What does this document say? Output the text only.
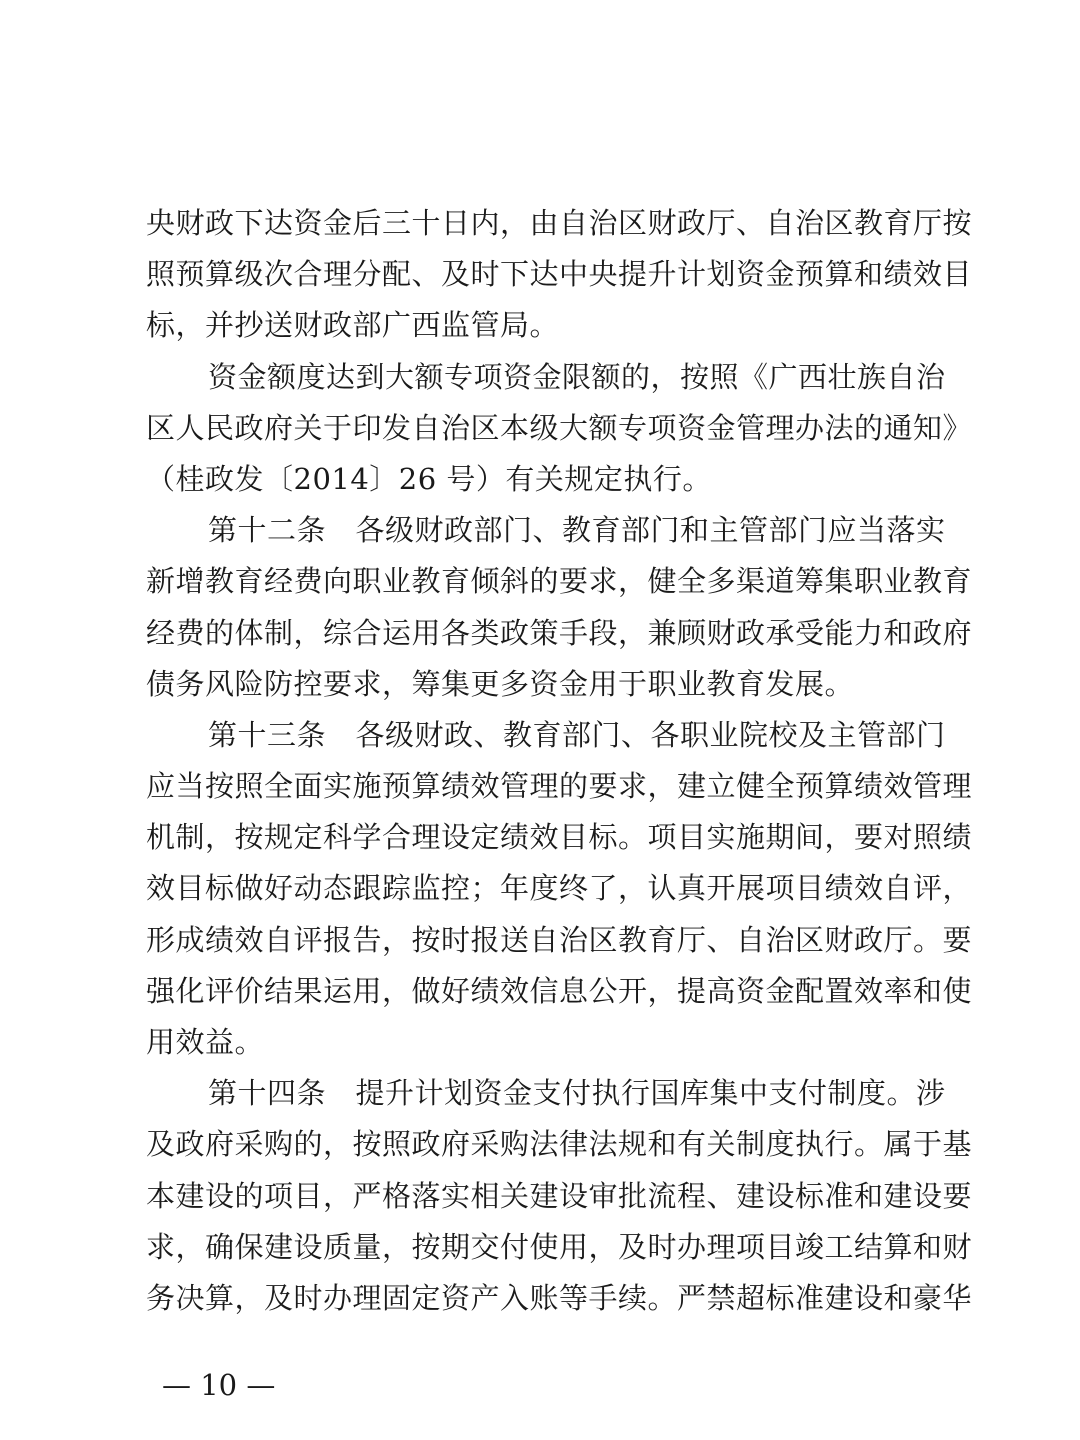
央财政下达资金后三十日内，由自治区财政厅、自治区教育厅按
照预算级次合理分配、及时下达中央提升计划资金预算和绩效目
标，并抄送财政部广西监管局。
资金额度达到大额专项资金限额的，按照《广西壮族自治
区人民政府关于印发自治区本级大额专项资金管理办法的通知》
（桂政发〔2014〕26 号）有关规定执行。
第十二条　各级财政部门、教育部门和主管部门应当落实
新增教育经费向职业教育倾斜的要求，健全多渠道筹集职业教育
经费的体制，综合运用各类政策手段，兼顾财政承受能力和政府
债务风险防控要求，筹集更多资金用于职业教育发展。
第十三条　各级财政、教育部门、各职业院校及主管部门
应当按照全面实施预算绩效管理的要求，建立健全预算绩效管理
机制，按规定科学合理设定绩效目标。项目实施期间，要对照绩
效目标做好动态跟踪监控；年度终了，认真开展项目绩效自评，
形成绩效自评报告，按时报送自治区教育厅、自治区财政厅。要
强化评价结果运用，做好绩效信息公开，提高资金配置效率和使
用效益。
第十四条　提升计划资金支付执行国库集中支付制度。涉
及政府采购的，按照政府采购法律法规和有关制度执行。属于基
本建设的项目，严格落实相关建设审批流程、建设标准和建设要
求，确保建设质量，按期交付使用，及时办理项目竣工结算和财
务决算，及时办理固定资产入账等手续。严禁超标准建设和豪华
— 10 —
